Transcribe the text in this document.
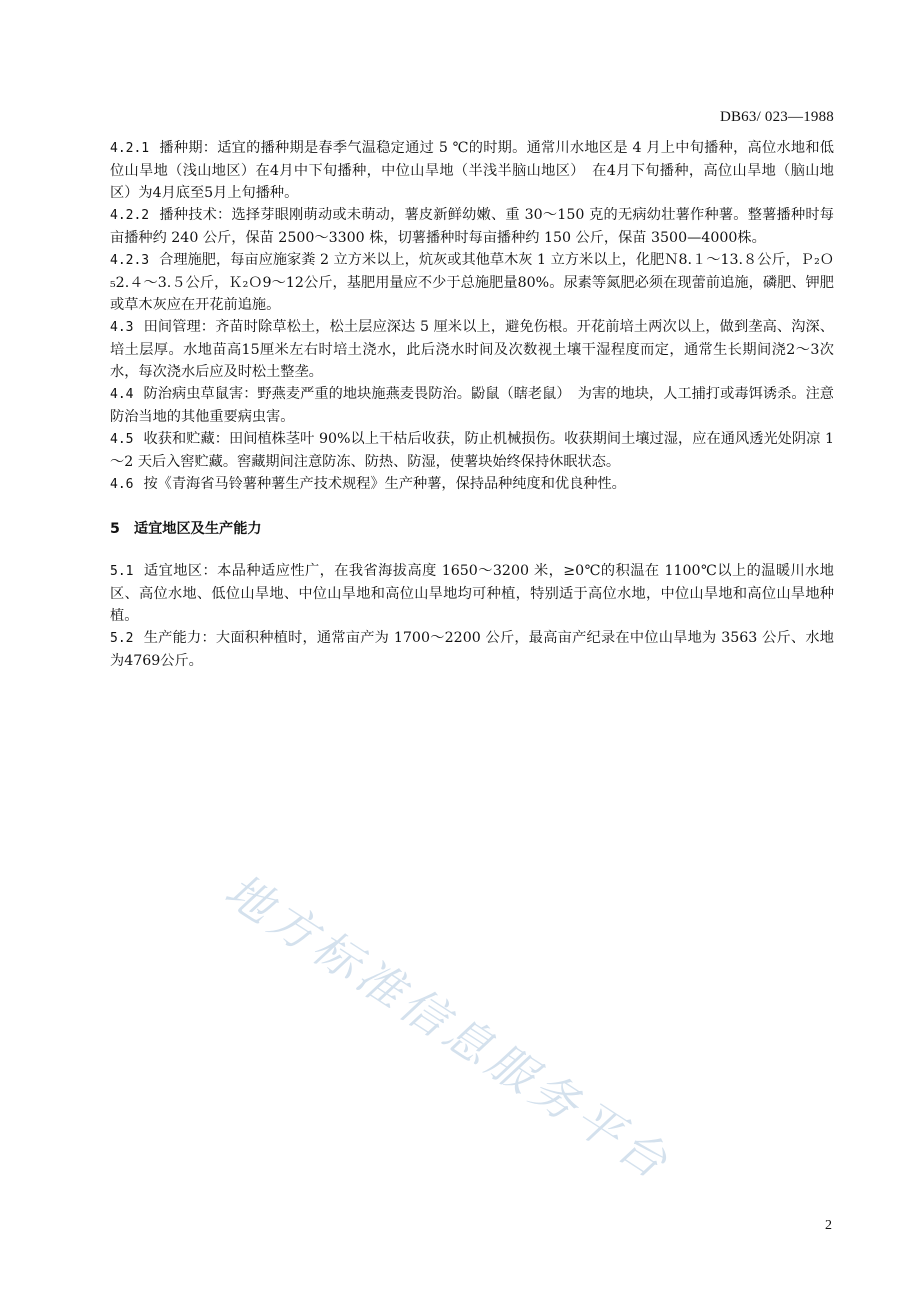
DB63/ 023—1988

4.2.1 播种期：适宜的播种期是春季气温稳定通过 5 ℃的时期。通常川水地区是 4 月上中旬播种，高位水地和低位山旱地（浅山地区）在4月中下旬播种，中位山旱地（半浅半脑山地区）　在4月下旬播种，高位山旱地（脑山地区）为4月底至5月上旬播种。

4.2.2 播种技术：选择芽眼刚萌动或未萌动，薯皮新鲜幼嫩、重 30～150 克的无病幼壮薯作种薯。整薯播种时每亩播种约 240 公斤，保苗 2500～3300 株，切薯播种时每亩播种约 150 公斤，保苗 3500—4000株。

4.2.3 合理施肥，每亩应施家粪 2 立方米以上，炕灰或其他草木灰 1 立方米以上，化肥Ｎ8.１～13.８公斤，Ｐ₂Ｏ₅2.４～3.５公斤，Ｋ₂Ｏ9～12公斤，基肥用量应不少于总施肥量80%。尿素等氮肥必须在现蕾前追施，磷肥、钾肥或草木灰应在开花前追施。

4.3 田间管理：齐苗时除草松土，松土层应深达 5 厘米以上，避免伤根。开花前培土两次以上，做到垄高、沟深、培土层厚。水地苗高15厘米左右时培土浇水，此后浇水时间及次数视土壤干湿程度而定，通常生长期间浇2～3次水，每次浇水后应及时松土整垄。

4.4 防治病虫草鼠害：野燕麦严重的地块施燕麦畏防治。鼢鼠（瞎老鼠）　为害的地块，人工捕打或毒饵诱杀。注意防治当地的其他重要病虫害。

4.5 收获和贮藏：田间植株茎叶 90%以上干枯后收获，防止机械损伤。收获期间土壤过湿，应在通风透光处阴凉 1～2 天后入窖贮藏。窖藏期间注意防冻、防热、防湿，使薯块始终保持休眠状态。

4.6 按《青海省马铃薯种薯生产技术规程》生产种薯，保持品种纯度和优良种性。

5 适宜地区及生产能力

5.1 适宜地区：本品种适应性广，在我省海拔高度 1650～3200 米，≥0℃的积温在 1100℃以上的温暖川水地区、高位水地、低位山旱地、中位山旱地和高位山旱地均可种植，特别适于高位水地，中位山旱地和高位山旱地种植。

5.2 生产能力：大面积种植时，通常亩产为 1700～2200 公斤，最高亩产纪录在中位山旱地为 3563 公斤、水地为4769公斤。

地方标准信息服务平台
2
